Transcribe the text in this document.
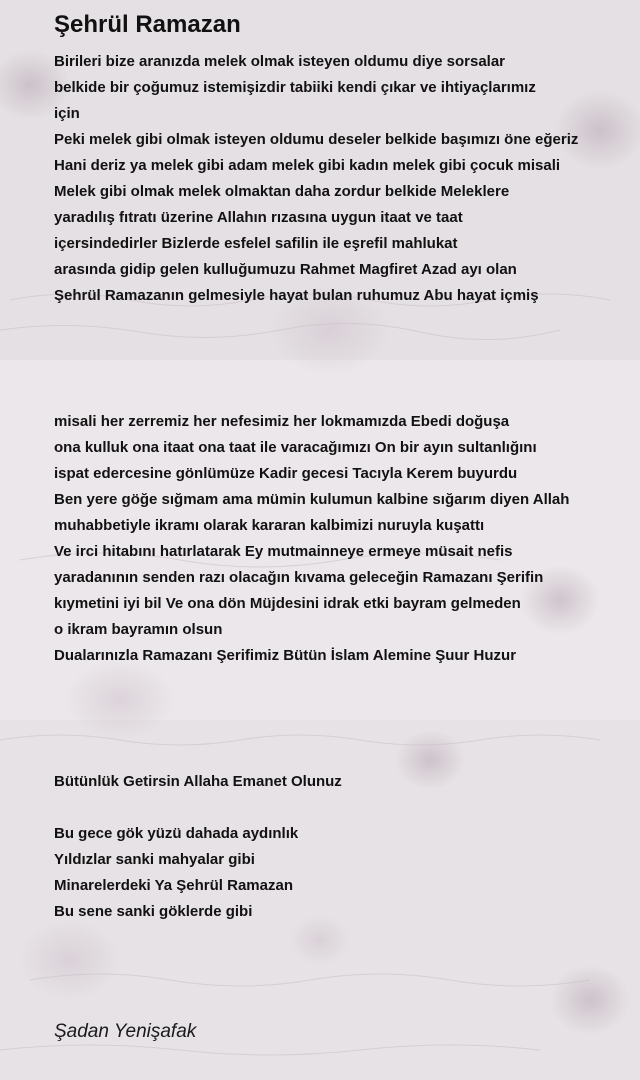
Şehrül Ramazan
Birileri bize aranızda melek olmak isteyen oldumu diye sorsalar
belkide bir çoğumuz istemişizdir tabiiki kendi çıkar ve ihtiyaçlarımız
için
Peki melek gibi olmak isteyen oldumu deseler belkide başımızı öne eğeriz
Hani deriz ya melek gibi adam melek gibi kadın melek gibi çocuk misali
Melek gibi olmak melek olmaktan daha zordur belkide Meleklere
yaradılış fıtratı üzerine Allahın rızasına uygun itaat ve taat
içersindedirler Bizlerde esfelel safilin ile eşrefil mahlukat
arasında gidip gelen kulluğumuzu Rahmet Magfiret Azad ayı olan
Şehrül Ramazanın gelmesiyle hayat bulan ruhumuz Abu hayat içmiş
misali her zerremiz her nefesimiz her lokmamızda Ebedi doğuşa
ona kulluk ona itaat ona taat ile varacağımızı On bir ayın sultanlığını
ispat edercesine gönlümüze Kadir gecesi Tacıyla Kerem buyurdu
Ben yere göğe sığmam ama mümin kulumun kalbine sığarım diyen Allah
muhabbetiyle ikramı olarak kararan kalbimizi nuruyla kuşattı
Ve irci hitabını hatırlatarak Ey mutmainneye ermeye müsait nefis
yaradanının senden razı olacağın kıvama geleceğin Ramazanı Şerifin
kıymetini iyi bil Ve ona dön Müjdesini idrak etki bayram gelmeden
o ikram bayramın olsun
Dualarınızla Ramazanı Şerifimiz Bütün İslam Alemine Şuur Huzur
Bütünlük Getirsin Allaha Emanet Olunuz
Bu gece gök yüzü dahada aydınlık
Yıldızlar sanki mahyalar gibi
Minarelerdeki Ya Şehrül Ramazan
Bu sene sanki göklerde gibi
Şadan Yenişafak
